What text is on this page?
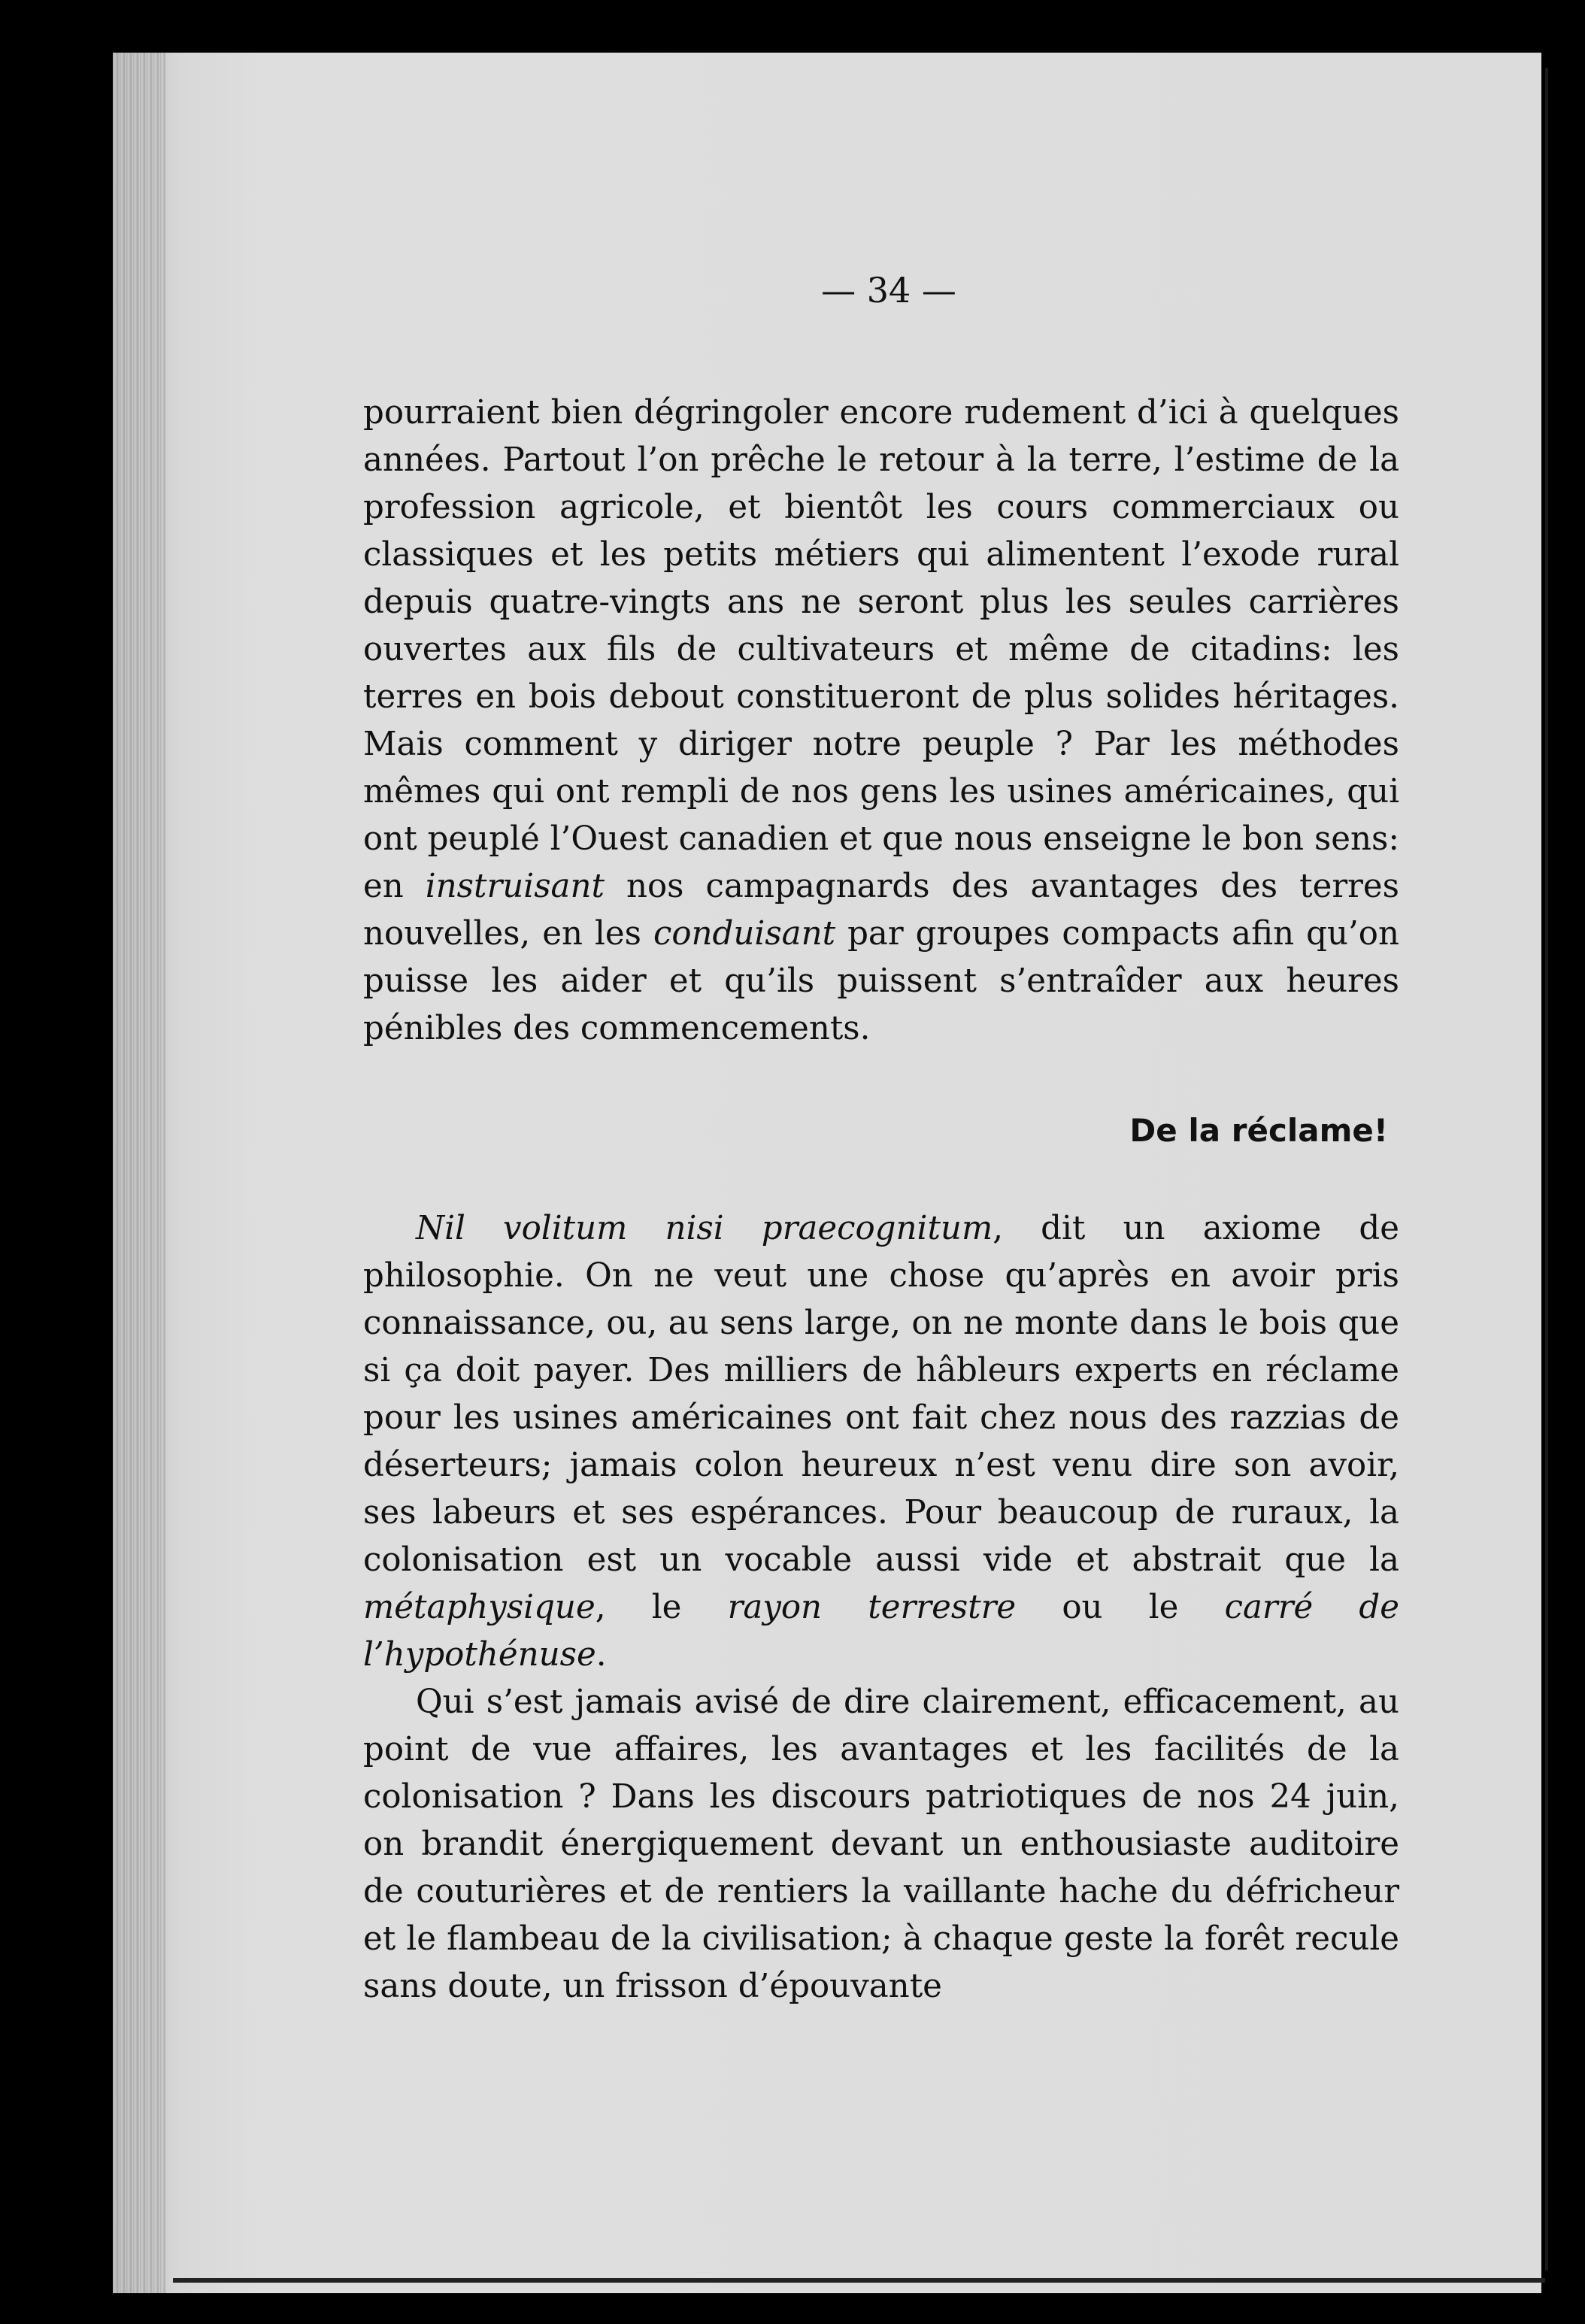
— 34 —

pourraient bien dégringoler encore rudement d’ici à quelques années. Partout l’on prêche le retour à la terre, l’estime de la profession agricole, et bientôt les cours commerciaux ou classiques et les petits métiers qui alimentent l’exode rural depuis quatre-vingts ans ne seront plus les seules carrières ouvertes aux fils de cultivateurs et même de citadins: les terres en bois debout constitueront de plus solides héritages. Mais comment y diriger notre peuple ? Par les méthodes mêmes qui ont rempli de nos gens les usines américaines, qui ont peuplé l’Ouest canadien et que nous enseigne le bon sens: en instruisant nos campagnards des avantages des terres nouvelles, en les conduisant par groupes compacts afin qu’on puisse les aider et qu’ils puissent s’entraîder aux heures pénibles des commencements.

De la réclame!

Nil volitum nisi praecognitum, dit un axiome de philosophie. On ne veut une chose qu’après en avoir pris connaissance, ou, au sens large, on ne monte dans le bois que si ça doit payer. Des milliers de hâbleurs experts en réclame pour les usines américaines ont fait chez nous des razzias de déserteurs; jamais colon heureux n’est venu dire son avoir, ses labeurs et ses espérances. Pour beaucoup de ruraux, la colonisation est un vocable aussi vide et abstrait que la métaphysique, le rayon terrestre ou le carré de l’hypothénuse.

Qui s’est jamais avisé de dire clairement, efficacement, au point de vue affaires, les avantages et les facilités de la colonisation ? Dans les discours patriotiques de nos 24 juin, on brandit énergiquement devant un enthousiaste auditoire de couturières et de rentiers la vaillante hache du défricheur et le flambeau de la civilisation; à chaque geste la forêt recule sans doute, un frisson d’épouvante
